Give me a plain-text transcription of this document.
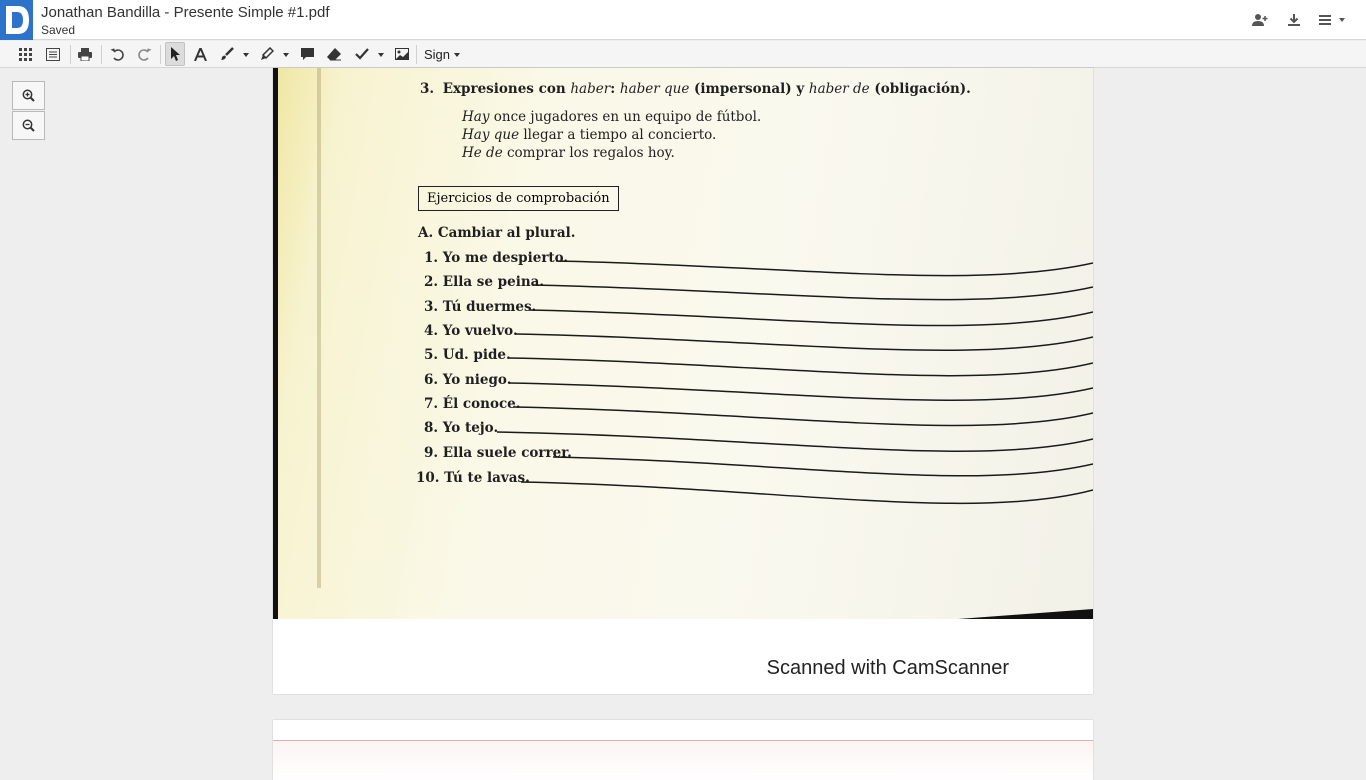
Jonathan Bandilla - Presente Simple #1.pdf
Saved
Sign
3. Expresiones con haber: haber que (impersonal) y haber de (obligación).
Hay once jugadores en un equipo de fútbol.
Hay que llegar a tiempo al concierto.
He de comprar los regalos hoy.
Ejercicios de comprobación
A. Cambiar al plural.
1. Yo me despierto.
2. Ella se peina.
3. Tú duermes.
4. Yo vuelvo.
5. Ud. pide.
6. Yo niego.
7. Él conoce.
8. Yo tejo.
9. Ella suele correr.
10. Tú te lavas.
Scanned with CamScanner
